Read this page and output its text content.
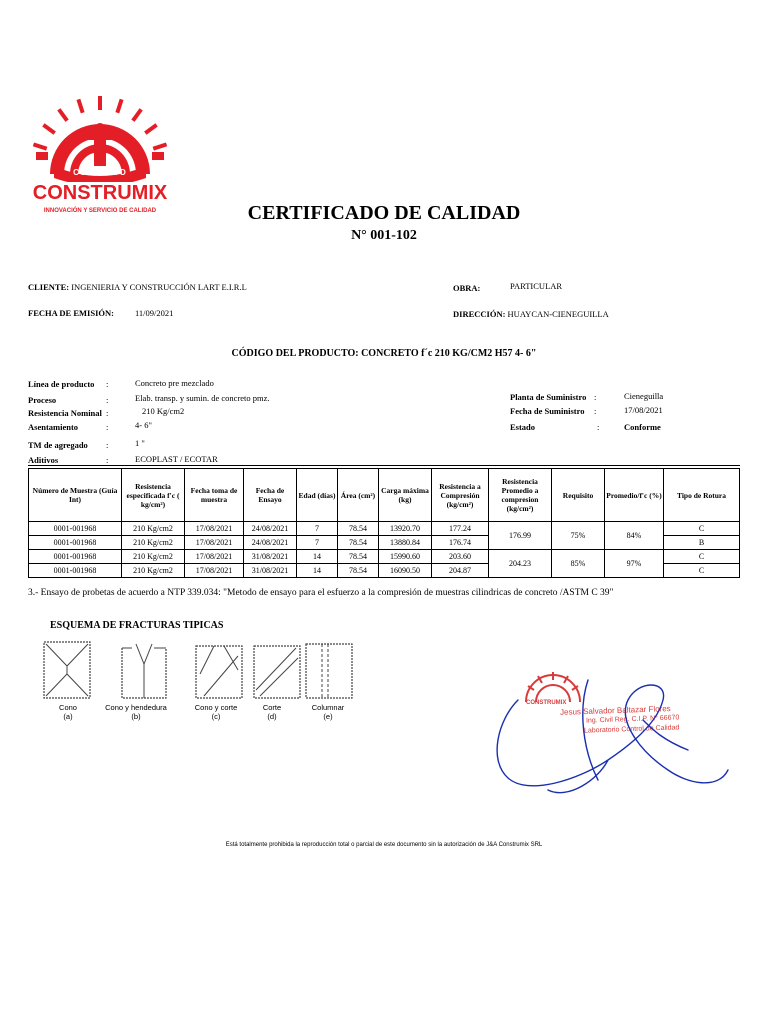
CONCRETO
CONSTRUMIX
INNOVACIÓN Y SERVICIO DE CALIDAD	CERTIFICADO DE CALIDAD
N° 001-102
CLIENTE: INGENIERIA Y CONSTRUCCIÓN LART E.I.R.L	OBRA:	PARTICULAR
FECHA DE EMISIÓN: 11/09/2021	DIRECCIÓN: HUAYCAN-CIENEGUILLA
CÓDIGO DEL PRODUCTO: CONCRETO f´c 210 KG/CM2 H57 4- 6"
Línea de producto :	Concreto pre mezclado
Proceso	:	Elab. transp. y sumin. de concreto pmz.
Resistencia Nominal :	210 Kg/cm2
Asentamiento	:	4- 6"
TM de agregado :	1 "
Aditivos	:	ECOPLAST / ECOTAR
Planta de Suministro :	Cieneguilla
Fecha de Suministro :	17/08/2021
Estado	:	Conforme
Número de Muestra (Guía Int)	Resistencia especificada f'c ( kg/cm²)	Fecha toma de muestra	Fecha de Ensayo	Edad (días)	Área (cm²)	Carga máxima (kg)	Resistencia a Compresión (kg/cm²)	Resistencia Promedio a compresion (kg/cm²)	Requisito	Promedio/f'c (%)	Tipo de Rotura
0001-001968	210 Kg/cm2	17/08/2021	24/08/2021	7	78.54	13920.70	177.24	176.99	75%	84%	C
0001-001968	210 Kg/cm2	17/08/2021	24/08/2021	7	78.54	13880.84	176.74				B
0001-001968	210 Kg/cm2	17/08/2021	31/08/2021	14	78.54	15990.60	203.60	204.23	85%	97%	C
0001-001968	210 Kg/cm2	17/08/2021	31/08/2021	14	78.54	16090.50	204.87				C
3.- Ensayo de probetas de acuerdo a NTP 339.034: "Metodo de ensayo para el esfuerzo a la compresión de muestras cilindricas de concreto /ASTM C 39"
ESQUEMA DE FRACTURAS TIPICAS
Cono
(a)
Cono y hendedura
(b)
Cono y corte
(c)
Corte
(d)
Columnar
(e)
CONSTRUMIX
Jesus Salvador Baltazar Flores
Ing. Civil Reg. C.I.P. N° 66670
Laboratorio Control de Calidad
Está totalmente prohibida la reproducción total o parcial de este documento sin la autorización de J&A Construmix SRL
